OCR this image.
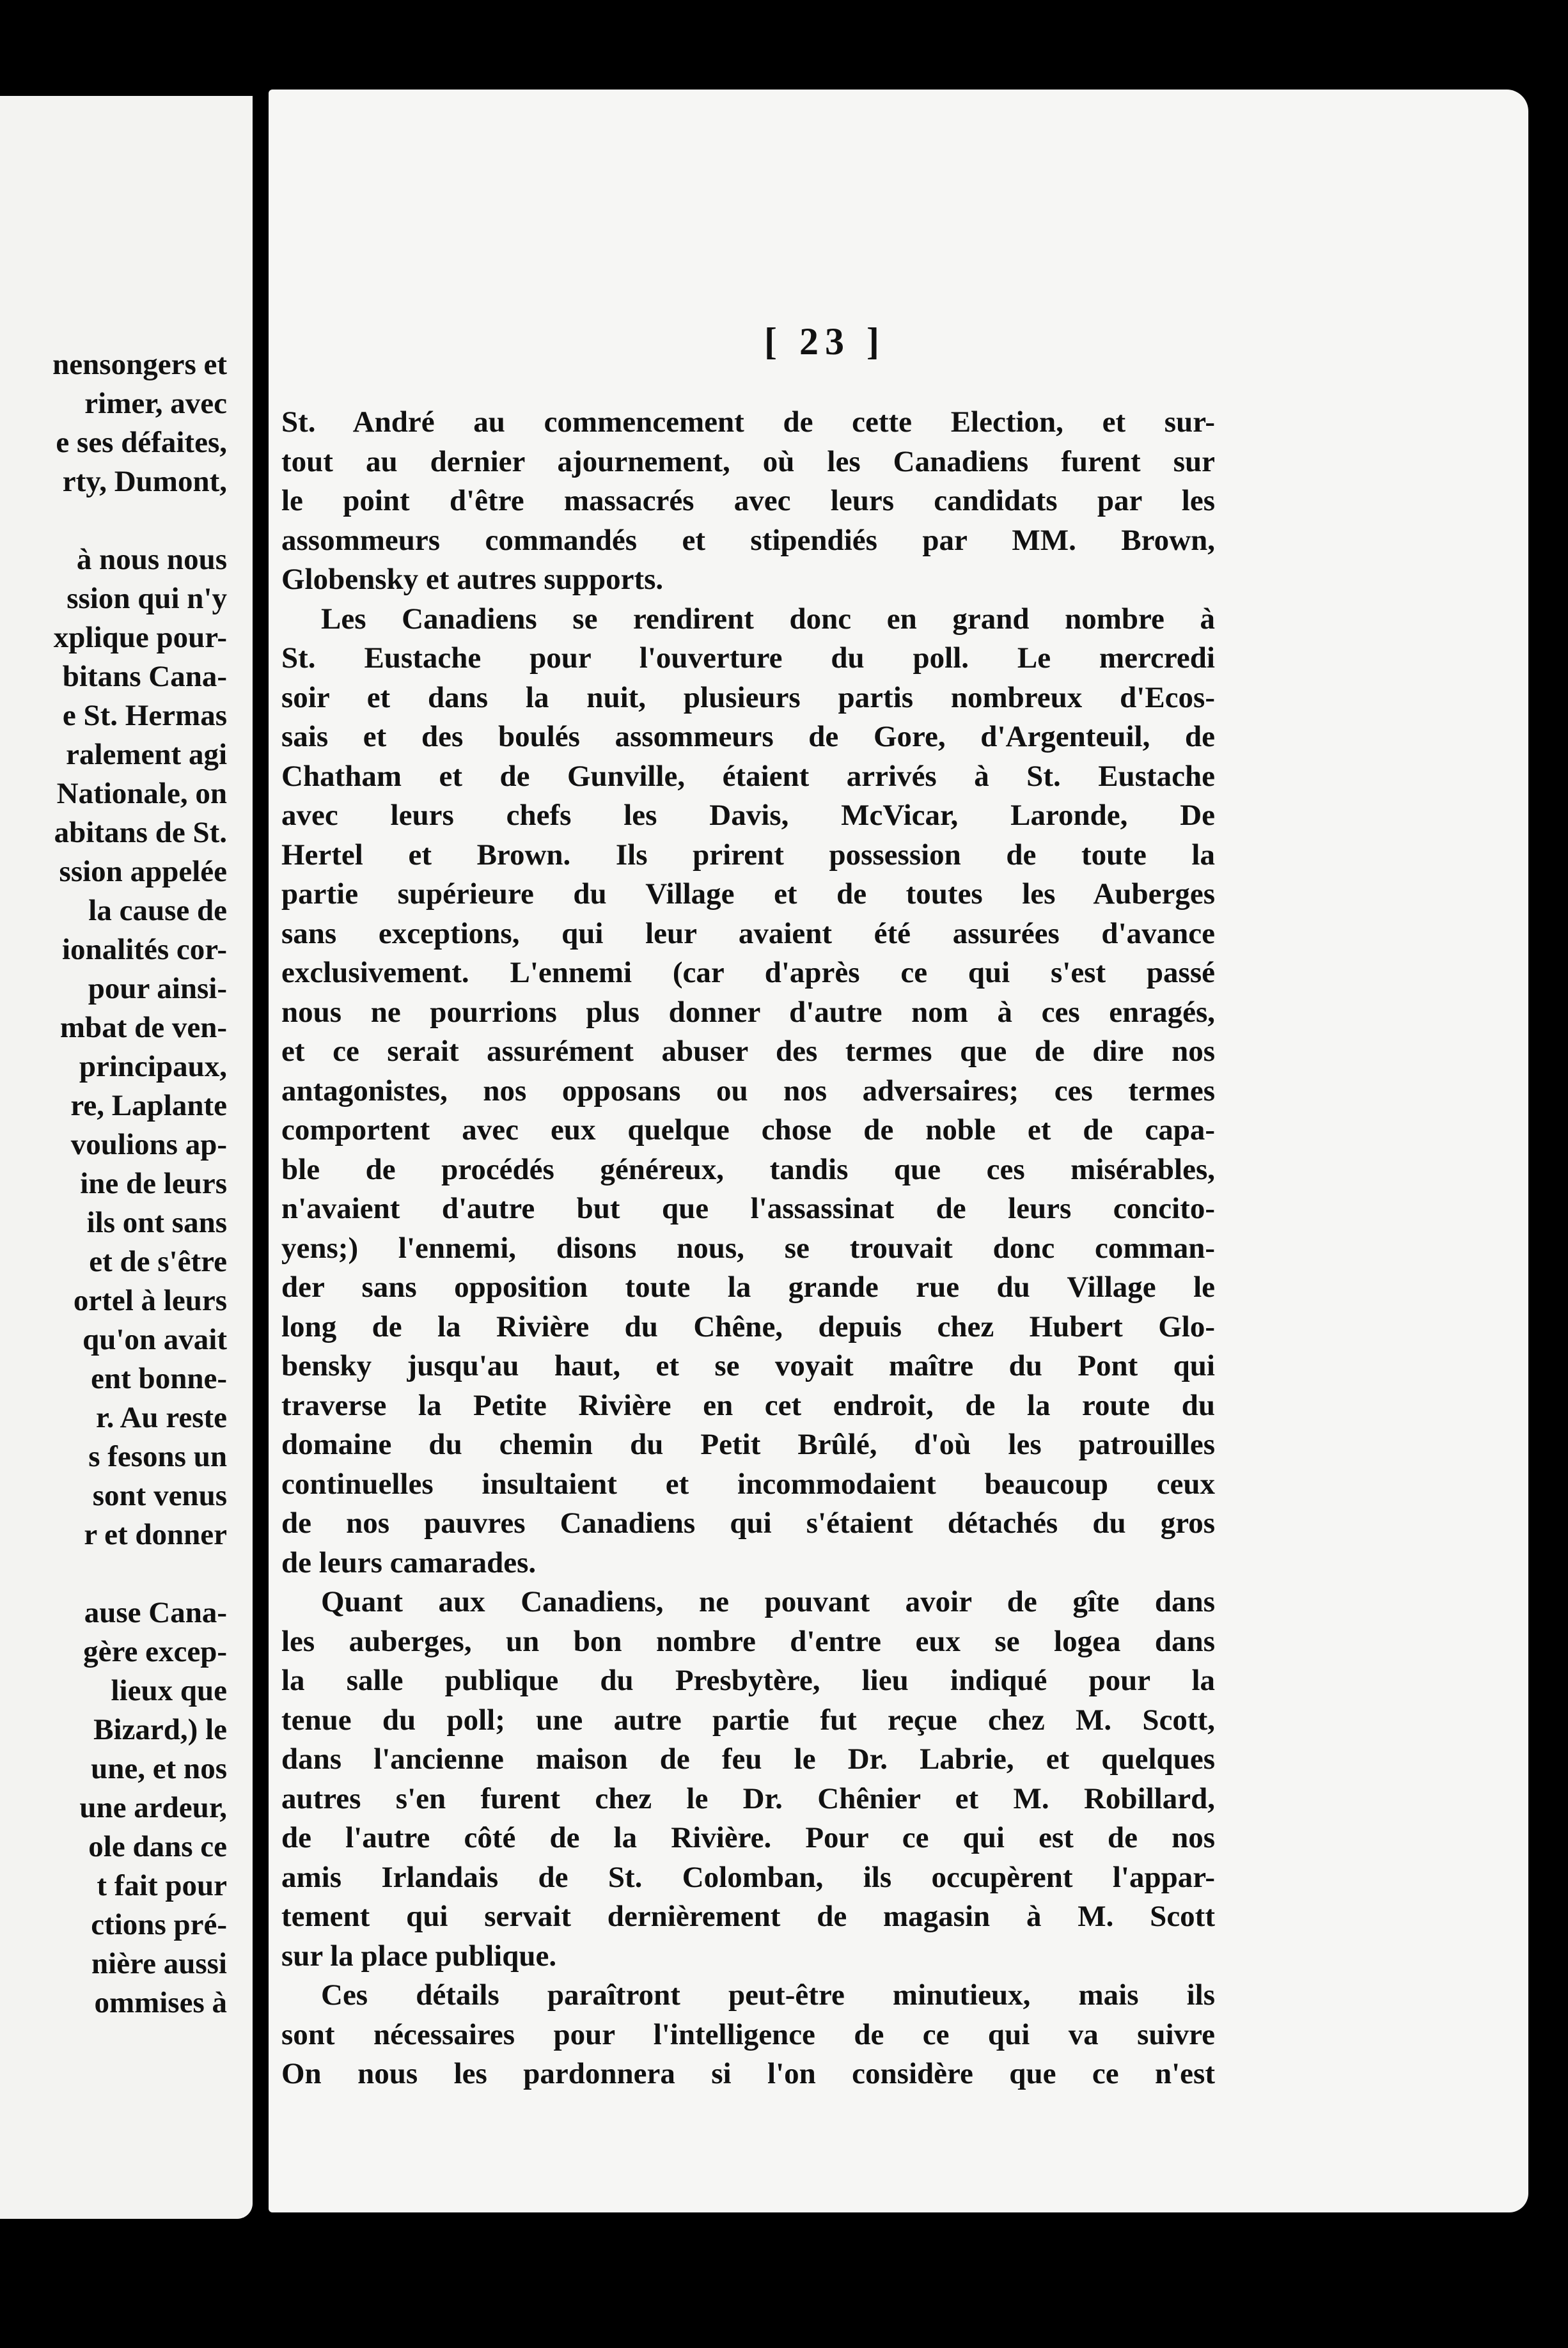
nensongers et
rimer, avec
e ses défaites,
rty, Dumont,

à nous nous
ssion qui n'y
xplique pour-
bitans Cana-
e St. Hermas
ralement agi
Nationale, on
abitans de St.
ssion appelée
la cause de
ionalités cor-
pour ainsi-
mbat de ven-
principaux,
re, Laplante
voulions ap-
ine de leurs
ils ont sans
et de s'être
ortel à leurs
qu'on avait
ent bonne-
r. Au reste
s fesons un
sont venus
r et donner

ause Cana-
gère excep-
lieux que
Bizard,) le
une, et nos
une ardeur,
ole dans ce
t fait pour
ctions pré-
nière aussi
ommises à
[ 23 ]
St. André au commencement de cette Election, et sur-
tout au dernier ajournement, où les Canadiens furent sur
le point d'être massacrés avec leurs candidats par les
assommeurs commandés et stipendiés par MM. Brown,
Globensky et autres supports.
Les Canadiens se rendirent donc en grand nombre à
St. Eustache pour l'ouverture du poll. Le mercredi
soir et dans la nuit, plusieurs partis nombreux d'Ecos-
sais et des boulés assommeurs de Gore, d'Argenteuil, de
Chatham et de Gunville, étaient arrivés à St. Eustache
avec leurs chefs les Davis, McVicar, Laronde, De
Hertel et Brown. Ils prirent possession de toute la
partie supérieure du Village et de toutes les Auberges
sans exceptions, qui leur avaient été assurées d'avance
exclusivement. L'ennemi (car d'après ce qui s'est passé
nous ne pourrions plus donner d'autre nom à ces enragés,
et ce serait assurément abuser des termes que de dire nos
antagonistes, nos opposans ou nos adversaires; ces termes
comportent avec eux quelque chose de noble et de capa-
ble de procédés généreux, tandis que ces misérables,
n'avaient d'autre but que l'assassinat de leurs concito-
yens;) l'ennemi, disons nous, se trouvait donc comman-
der sans opposition toute la grande rue du Village le
long de la Rivière du Chêne, depuis chez Hubert Glo-
bensky jusqu'au haut, et se voyait maître du Pont qui
traverse la Petite Rivière en cet endroit, de la route du
domaine du chemin du Petit Brûlé, d'où les patrouilles
continuelles insultaient et incommodaient beaucoup ceux
de nos pauvres Canadiens qui s'étaient détachés du gros
de leurs camarades.
Quant aux Canadiens, ne pouvant avoir de gîte dans
les auberges, un bon nombre d'entre eux se logea dans
la salle publique du Presbytère, lieu indiqué pour la
tenue du poll; une autre partie fut reçue chez M. Scott,
dans l'ancienne maison de feu le Dr. Labrie, et quelques
autres s'en furent chez le Dr. Chênier et M. Robillard,
de l'autre côté de la Rivière. Pour ce qui est de nos
amis Irlandais de St. Colomban, ils occupèrent l'appar-
tement qui servait dernièrement de magasin à M. Scott
sur la place publique.
Ces détails paraîtront peut-être minutieux, mais ils
sont nécessaires pour l'intelligence de ce qui va suivre
On nous les pardonnera si l'on considère que ce n'est
